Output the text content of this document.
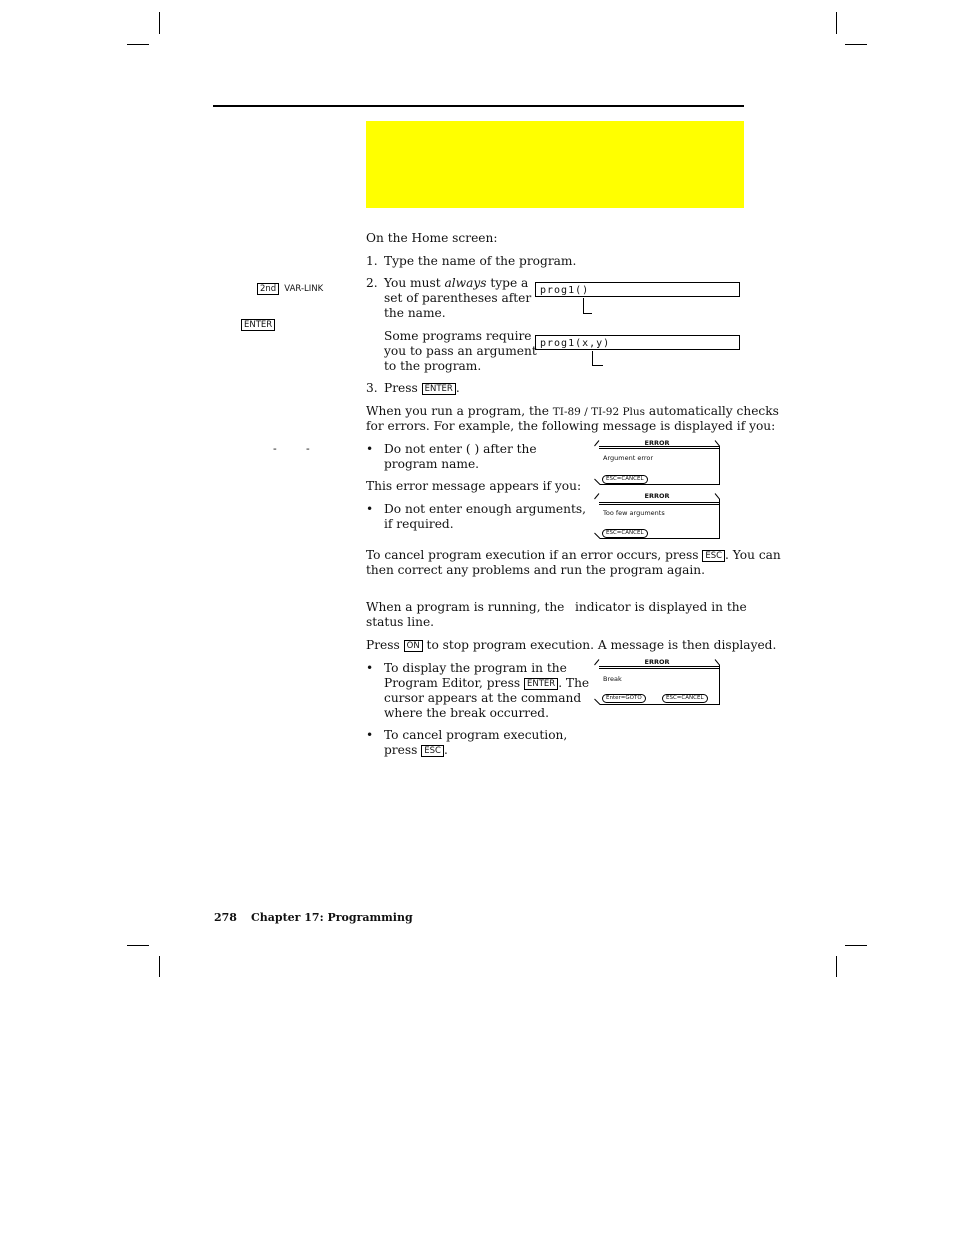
2nd VAR-LINK
ENTER
-	-
On the Home screen:
1. Type the name of the program.
2. You must always type a
set of parentheses after
the name.
prog1()
Some programs require
you to pass an argument
to the program.
prog1(x,y)
3. Press ENTER .
When you run a program, the TI-89 / TI-92 Plus automatically checks
for errors. For example, the following message is displayed if you:
• Do not enter ( ) after the
program name.
This error message appears if you:
• Do not enter enough arguments,
if required.
ERROR
Argument error
ESC=CANCEL
ERROR
Too few arguments
ESC=CANCEL
To cancel program execution if an error occurs, press ESC . You can
then correct any problems and run the program again.
When a program is running, the indicator is displayed in the
status line.
Press ON to stop program execution. A message is then displayed.
• To display the program in the
Program Editor, press ENTER . The
cursor appears at the command
where the break occurred.
ERROR
Break
Enter=GOTO	ESC=CANCEL
• To cancel program execution,
press ESC .
278 Chapter 17: Programming
